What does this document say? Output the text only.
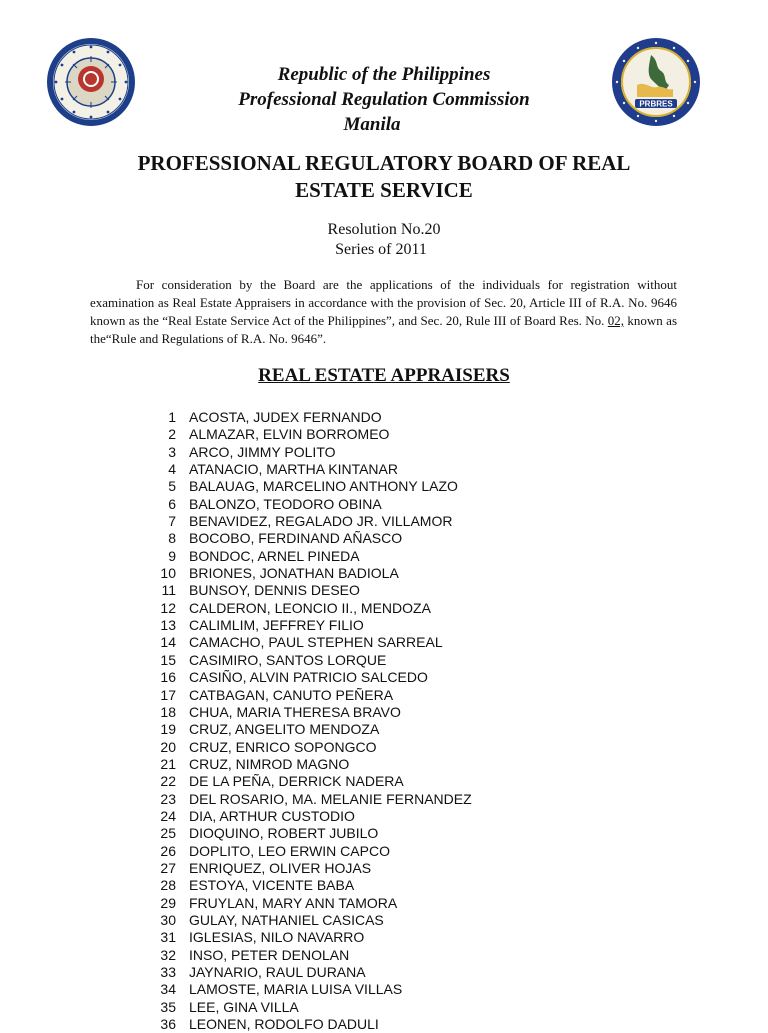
PRBRES
Republic of the Philippines
Professional Regulation Commission
Manila
PROFESSIONAL REGULATORY BOARD OF REAL
ESTATE SERVICE
Resolution No.20
Series of 2011
For consideration by the Board are the applications of the individuals for registration without examination as Real Estate Appraisers in accordance with the provision of Sec. 20, Article III of R.A. No. 9646 known as the “Real Estate Service Act of the Philippines”, and Sec. 20, Rule III of Board Res. No. 02, known as the“Rule and Regulations of R.A. No. 9646”.
REAL ESTATE APPRAISERS
1 ACOSTA, JUDEX FERNANDO
2 ALMAZAR, ELVIN BORROMEO
3 ARCO, JIMMY POLITO
4 ATANACIO, MARTHA KINTANAR
5 BALAUAG, MARCELINO ANTHONY LAZO
6 BALONZO, TEODORO OBINA
7 BENAVIDEZ, REGALADO JR. VILLAMOR
8 BOCOBO, FERDINAND AÑASCO
9 BONDOC, ARNEL PINEDA
10 BRIONES, JONATHAN BADIOLA
11 BUNSOY, DENNIS DESEO
12 CALDERON, LEONCIO II., MENDOZA
13 CALIMLIM, JEFFREY FILIO
14 CAMACHO, PAUL STEPHEN SARREAL
15 CASIMIRO, SANTOS LORQUE
16 CASIÑO, ALVIN PATRICIO SALCEDO
17 CATBAGAN, CANUTO PEÑERA
18 CHUA, MARIA THERESA BRAVO
19 CRUZ, ANGELITO MENDOZA
20 CRUZ, ENRICO SOPONGCO
21 CRUZ, NIMROD MAGNO
22 DE LA PEÑA, DERRICK NADERA
23 DEL ROSARIO, MA. MELANIE FERNANDEZ
24 DIA, ARTHUR CUSTODIO
25 DIOQUINO, ROBERT JUBILO
26 DOPLITO, LEO ERWIN CAPCO
27 ENRIQUEZ, OLIVER HOJAS
28 ESTOYA, VICENTE BABA
29 FRUYLAN, MARY ANN TAMORA
30 GULAY, NATHANIEL CASICAS
31 IGLESIAS, NILO NAVARRO
32 INSO, PETER DENOLAN
33 JAYNARIO, RAUL DURANA
34 LAMOSTE, MARIA LUISA VILLAS
35 LEE, GINA VILLA
36 LEONEN, RODOLFO DADULI
